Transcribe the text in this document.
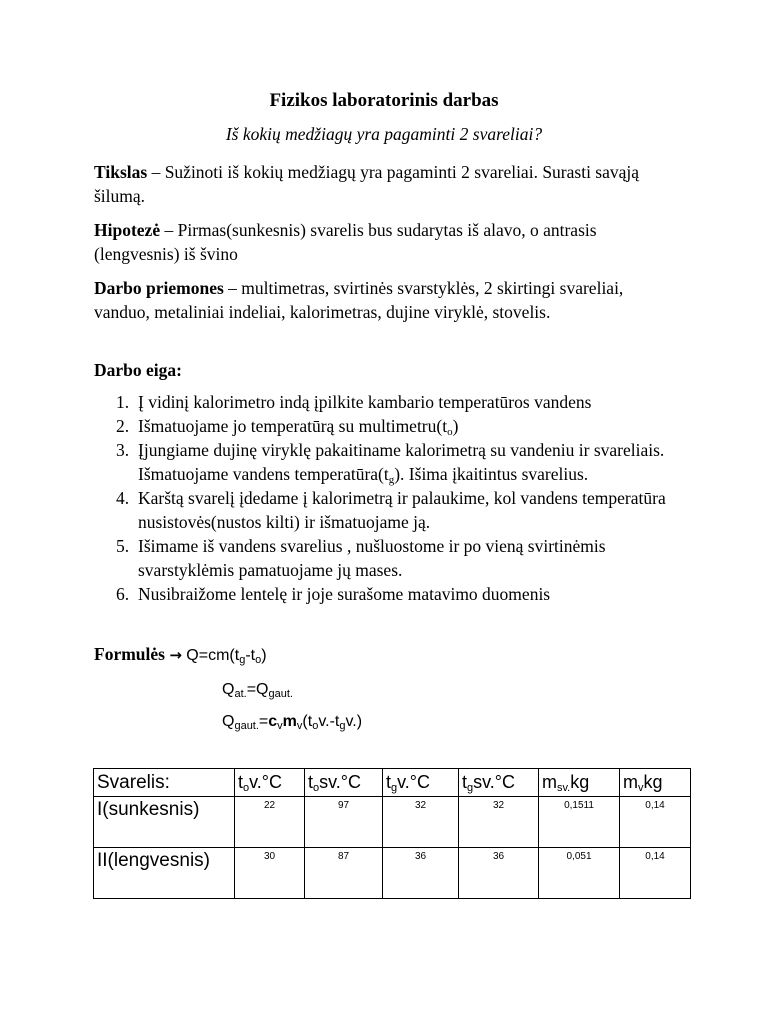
Fizikos laboratorinis darbas
Iš kokių medžiagų yra pagaminti 2 svareliai?
Tikslas – Sužinoti iš kokių medžiagų yra pagaminti 2 svareliai. Surasti savąją šilumą.
Hipotezė – Pirmas(sunkesnis) svarelis bus sudarytas iš alavo, o antrasis (lengvesnis) iš švino
Darbo priemones – multimetras, svirtinės svarstyklės, 2 skirtingi svareliai, vanduo, metaliniai indeliai, kalorimetras, dujine viryklė, stovelis.
Darbo eiga:
1. Į vidinį kalorimetro indą įpilkite kambario temperatūros vandens
2. Išmatuojame jo temperatūrą su $multimetru(t_o)$
3. Įjungiame dujinę viryklę pakaitiname kalorimetrą su vandeniu ir svareliais. Išmatuojame vandens $temperatūra(t_g)$. Išima įkaitintus svarelius.
4. Karštą svarelį įdedame į kalorimetrą ir palaukime, kol vandens temperatūra nusistovės(nustos kilti) ir išmatuojame ją.
5. Išimame iš vandens svarelius , nušluostome ir po vieną svirtinėmis svarstyklėmis pamatuojame jų mases.
6. Nusibraižome lentelę ir joje surašome matavimo duomenis
Formulės → $Q=cm(t_g-t_o)$
$Q_{at.}=Q_{gaut.}$
$Q_{gaut.}=c_vm_v(t_ov.-t_gv.)$
Svarelis:	$t_ov.^\circ C$	$t_osv.^\circ C$	$t_gv.^\circ C$	$t_gsv.^\circ C$	$m_{sv.}kg$	$m_vkg$
I(sunkesnis)	22	97	32	32	0,1511	0,14
II(lengvesnis)	30	87	36	36	0,051	0,14
